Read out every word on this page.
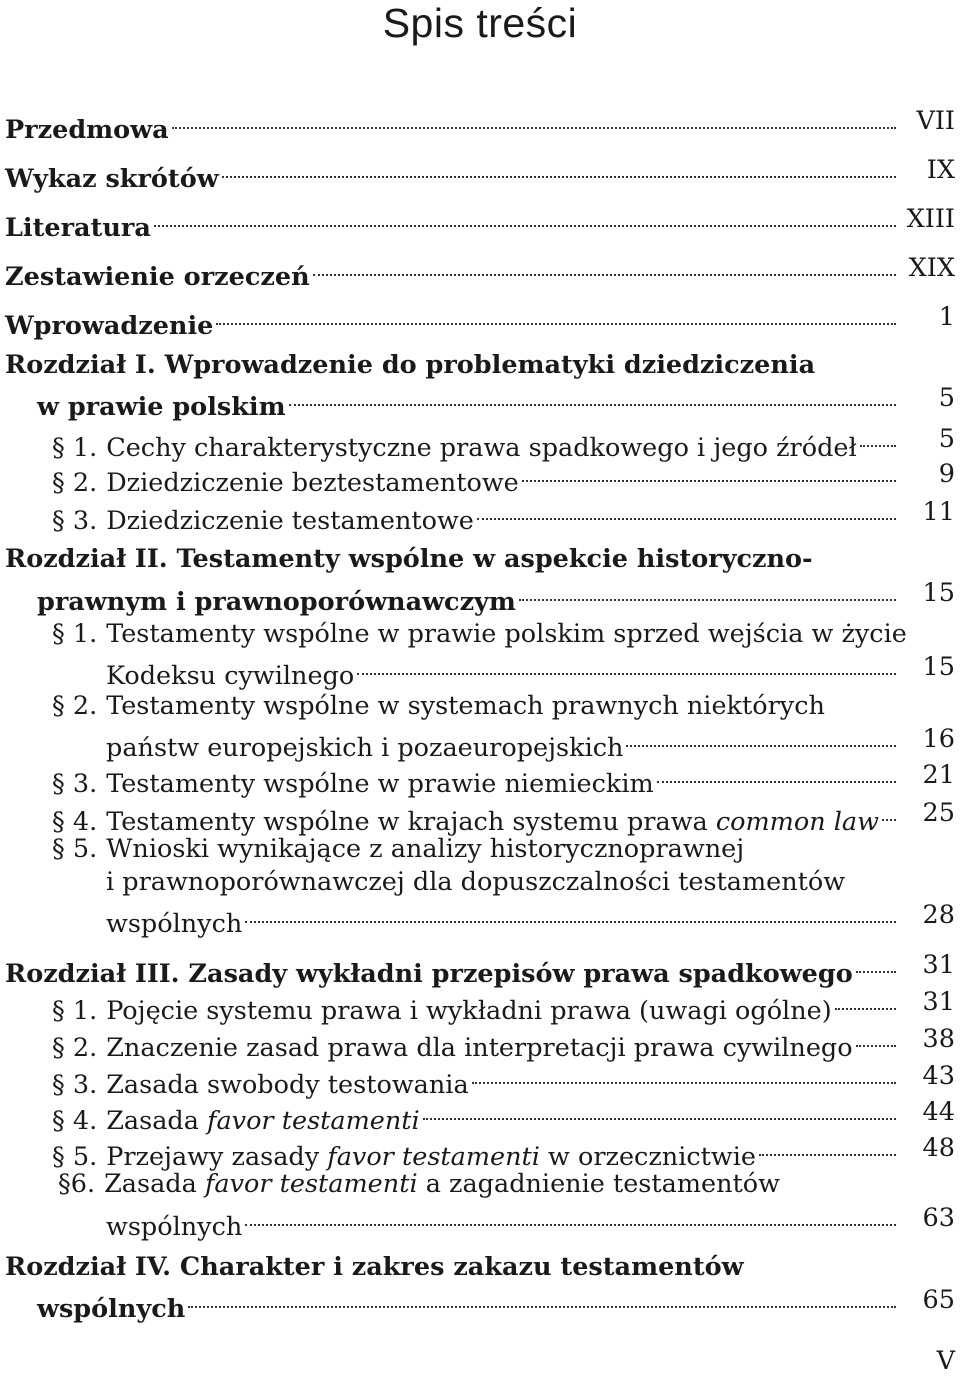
Spis treści
Przedmowa	VII
Wykaz skrótów	IX
Literatura	XIII
Zestawienie orzeczeń	XIX
Wprowadzenie	1
Rozdział I. Wprowadzenie do problematyki dziedziczenia
w prawie polskim	5
§ 1. Cechy charakterystyczne prawa spadkowego i jego źródeł	5
§ 2. Dziedziczenie beztestamentowe	9
§ 3. Dziedziczenie testamentowe	11
Rozdział II. Testamenty wspólne w aspekcie historyczno-
prawnym i prawnoporównawczym	15
§ 1. Testamenty wspólne w prawie polskim sprzed wejścia w życie
Kodeksu cywilnego	15
§ 2. Testamenty wspólne w systemach prawnych niektórych
państw europejskich i pozaeuropejskich	16
§ 3. Testamenty wspólne w prawie niemieckim	21
§ 4. Testamenty wspólne w krajach systemu prawa common law	25
§ 5. Wnioski wynikające z analizy historycznoprawnej
i prawnoporównawczej dla dopuszczalności testamentów
wspólnych	28
Rozdział III. Zasady wykładni przepisów prawa spadkowego	31
§ 1. Pojęcie systemu prawa i wykładni prawa (uwagi ogólne)	31
§ 2. Znaczenie zasad prawa dla interpretacji prawa cywilnego	38
§ 3. Zasada swobody testowania	43
§ 4. Zasada favor testamenti	44
§ 5. Przejawy zasady favor testamenti w orzecznictwie	48
§6. Zasada favor testamenti a zagadnienie testamentów
wspólnych	63
Rozdział IV. Charakter i zakres zakazu testamentów
wspólnych	65
V
